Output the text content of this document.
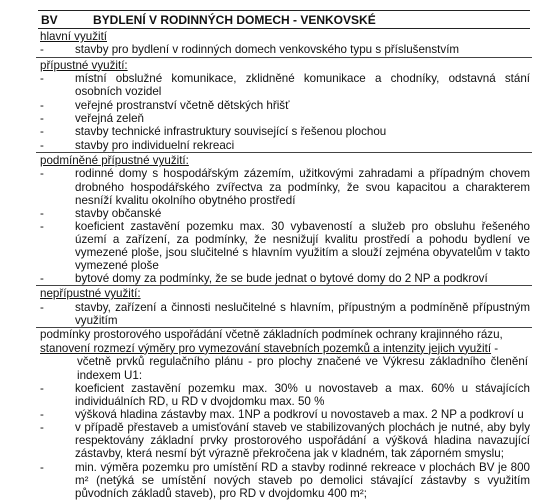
BV	BYDLENÍ V RODINNÝCH DOMECH - VENKOVSKÉ
hlavní využití
-	stavby pro bydlení v rodinných domech venkovského typu s příslušenstvím
přípustné využití:
-	místní obslužné komunikace, zklidněné komunikace a chodníky, odstavná stání osobních vozidel
-	veřejné prostranství včetně dětských hřišť
-	veřejná zeleň
-	stavby technické infrastruktury související s řešenou plochou
-	stavby pro individuelní rekreaci
podmíněné přípustné využití:
-	rodinné domy s hospodářským zázemím, užitkovými zahradami a případným chovem drobného hospodářského zvířectva za podmínky, že svou kapacitou a charakterem nesníží kvalitu okolního obytného prostředí
-	stavby občanské
-	koeficient zastavění pozemku max. 30 vybaveností a služeb pro obsluhu řešeného území a zařízení, za podmínky, že nesnižují kvalitu prostředí a pohodu bydlení ve vymezené ploše, jsou slučitelné s hlavním využitím a slouží zejména obyvatelům v takto vymezené ploše
-	bytové domy za podmínky, že se bude jednat o bytové domy do 2 NP a podkroví
nepřípustné využití:
-	stavby, zařízení a činnosti neslučitelné s hlavním, přípustným a podmíněně přípustným využitím
podmínky prostorového uspořádání včetně základních podmínek ochrany krajinného rázu,
stanovení rozmezí výměry pro vymezování stavebních pozemků a intenzity jejich využití -

včetně prvků regulačního plánu - pro plochy značené ve Výkresu základního členění indexem U1:
-	koeficient zastavění pozemku max. 30% u novostaveb a max. 60% u stávajících individuálních RD, u RD v dvojdomku max. 50 %
-	výšková hladina zástavby max. 1NP a podkroví u novostaveb a max. 2 NP a podkroví u
-	v případě přestaveb a umisťování staveb ve stabilizovaných plochách je nutné, aby byly respektovány základní prvky prostorového uspořádání a výšková hladina navazující zástavby, která nesmí být výrazně překročena jak v kladném, tak záporném smyslu;
-	min. výměra pozemku pro umístění RD a stavby rodinné rekreace v plochách BV je 800 m² (netýká se umístění nových staveb po demolici stávající zástavby s využitím původních základů staveb), pro RD v dvojdomku 400 m²;
